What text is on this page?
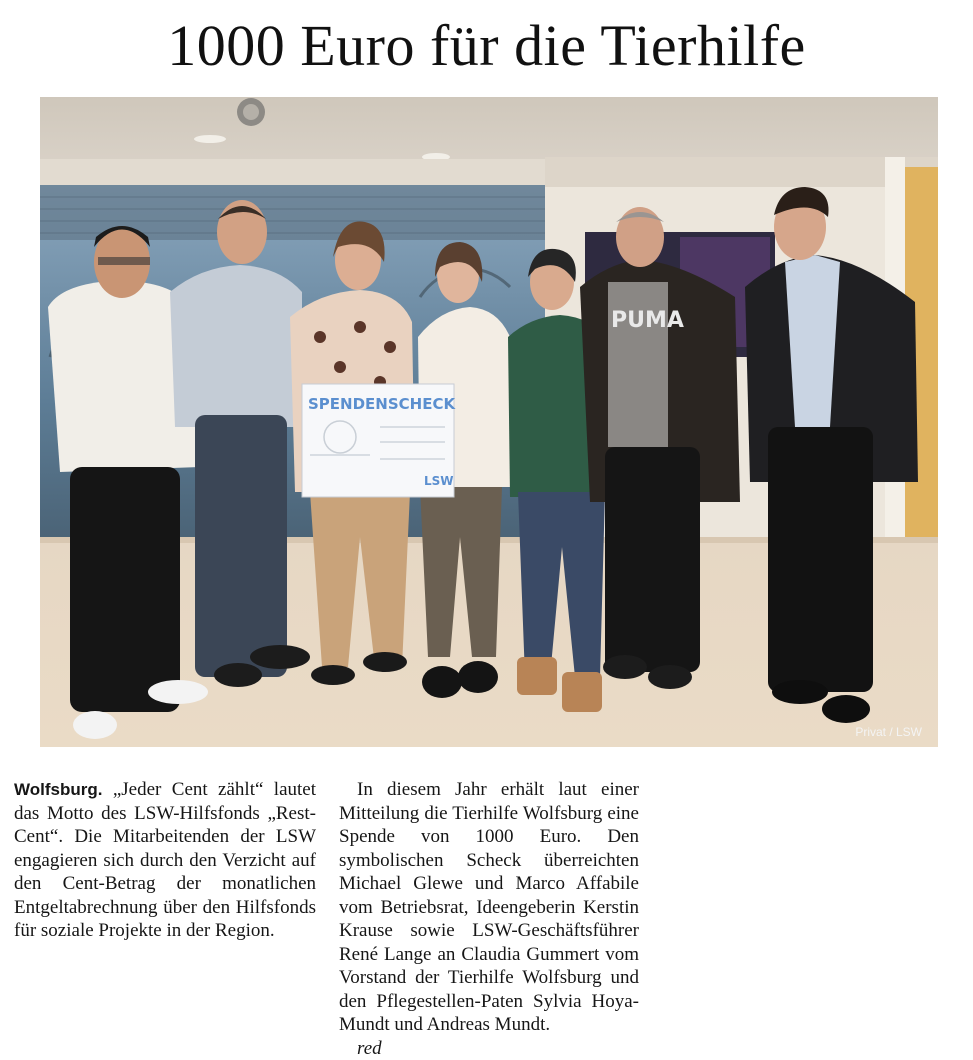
1000 Euro für die Tierhilfe
PUMA
SPENDENSCHECK
LSW
Privat / LSW

Wolfsburg. „Jeder Cent zählt“ lautet das Motto des LSW-Hilfsfonds „Rest-Cent“. Die Mitarbeitenden der LSW engagieren sich durch den Verzicht auf den Cent-Betrag der monatlichen Entgeltabrechnung über den Hilfsfonds für soziale Projekte in der Region.

In diesem Jahr erhält laut einer Mitteilung die Tierhilfe Wolfsburg eine Spende von 1000 Euro. Den symbolischen Scheck überreichten Michael Glewe und Marco Affabile vom Betriebsrat, Ideengeberin Kerstin Krause sowie LSW-Geschäftsführer René Lange an Claudia Gummert vom Vorstand der Tierhilfe Wolfsburg und den Pflegestellen-Paten Sylvia Hoya-Mundt und Andreas Mundt.

red
